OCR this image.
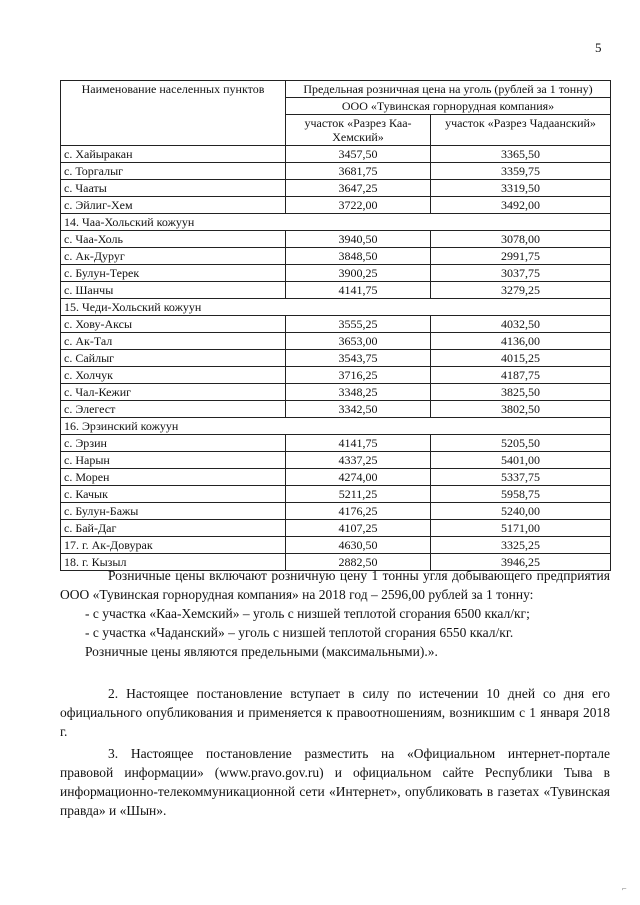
5
Наименование населенных пунктов	Предельная розничная цена на уголь (рублей за 1 тонну)	
	ООО «Тувинская горнорудная компания»	
	участок «Разрез Каа-Хемский»	участок «Разрез Чадаанский»
с. Хайыракан	3457,50	3365,50
с. Торгалыг	3681,75	3359,75
с. Чааты	3647,25	3319,50
с. Эйлиг-Хем	3722,00	3492,00
14. Чаа-Хольский кожуун		
с. Чаа-Холь	3940,50	3078,00
с. Ак-Дуруг	3848,50	2991,75
с. Булун-Терек	3900,25	3037,75
с. Шанчы	4141,75	3279,25
15. Чеди-Хольский кожуун		
с. Хову-Аксы	3555,25	4032,50
с. Ак-Тал	3653,00	4136,00
с. Сайлыг	3543,75	4015,25
с. Холчук	3716,25	4187,75
с. Чал-Кежиг	3348,25	3825,50
с. Элегест	3342,50	3802,50
16. Эрзинский кожуун		
с. Эрзин	4141,75	5205,50
с. Нарын	4337,25	5401,00
с. Морен	4274,00	5337,75
с. Качык	5211,25	5958,75
с. Булун-Бажы	4176,25	5240,00
с. Бай-Даг	4107,25	5171,00
17. г. Ак-Довурак	4630,50	3325,25
18. г. Кызыл	2882,50	3946,25

Розничные цены включают розничную цену 1 тонны угля добывающего предприятия ООО «Тувинская горнорудная компания» на 2018 год – 2596,00 рублей за 1 тонну:

- с участка «Каа-Хемский» – уголь с низшей теплотой сгорания 6500 ккал/кг;

- с участка «Чаданский» – уголь с низшей теплотой сгорания 6550 ккал/кг.

Розничные цены являются предельными (максимальными).».

2. Настоящее постановление вступает в силу по истечении 10 дней со дня его официального опубликования и применяется к правоотношениям, возникшим с 1 января 2018 г.

3. Настоящее постановление разместить на «Официальном интернет-портале правовой информации» (www.pravo.gov.ru) и официальном сайте Республики Тыва в информационно-телекоммуникационной сети «Интернет», опубликовать в газетах «Тувинская правда» и «Шын».

⌐
